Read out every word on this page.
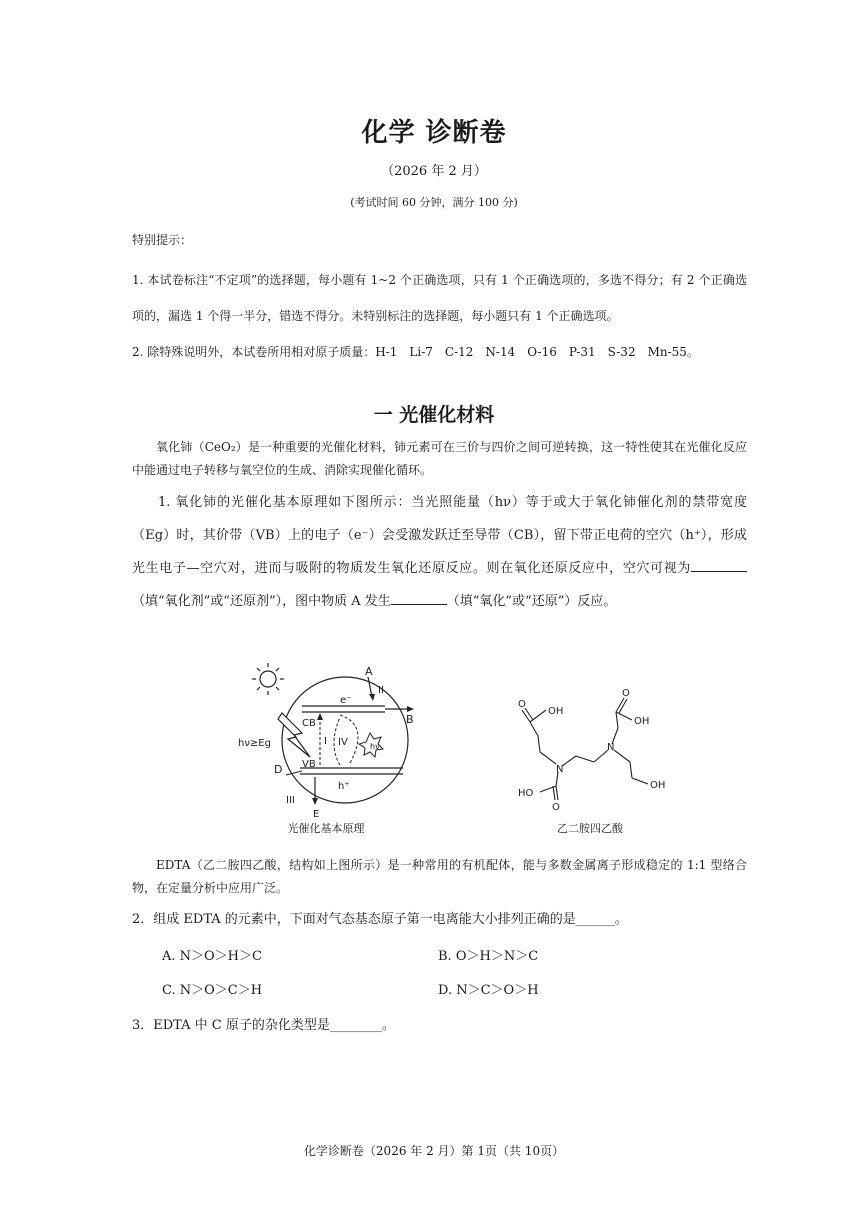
化学 诊断卷
（2026 年 2 月）
(考试时间 60 分钟，满分 100 分)
特别提示：

1. 本试卷标注“不定项”的选择题，每小题有 1~2 个正确选项，只有 1 个正确选项的，多选不得分；有 2 个正确选项的，漏选 1 个得一半分，错选不得分。未特别标注的选择题，每小题只有 1 个正确选项。

2. 除特殊说明外，本试卷所用相对原子质量：H-1　Li-7　C-12　N-14　O-16　P-31　S-32　Mn-55。

一 光催化材料

氧化铈（CeO₂）是一种重要的光催化材料，铈元素可在三价与四价之间可逆转换，这一特性使其在光催化反应中能通过电子转移与氧空位的生成、消除实现催化循环。

1. 氧化铈的光催化基本原理如下图所示：当光照能量（hν）等于或大于氧化铈催化剂的禁带宽度（Eg）时，其价带（VB）上的电子（e⁻）会受激发跃迁至导带（CB），留下带正电荷的空穴（h⁺），形成光生电子—空穴对，进而与吸附的物质发生氧化还原反应。则在氧化还原反应中，空穴可视为（填“氧化剂”或“还原剂”），图中物质 A 发生	（填“氧化”或“还原”）反应。

A
II
B
e⁻
CB
I IV	hν
hν≥Eg
VB
D
h⁺
III
E
光催化基本原理
O
OH
N
N
O
OH
OH
HO
O
乙二胺四乙酸

EDTA（乙二胺四乙酸，结构如上图所示）是一种常用的有机配体，能与多数金属离子形成稳定的 1:1 型络合物，在定量分析中应用广泛。

2．组成 EDTA 的元素中，下面对气态基态原子第一电离能大小排列正确的是______。
A. N＞O＞H＞C	B. O＞H＞N＞C
C. N＞O＞C＞H	D. N＞C＞O＞H
3．EDTA 中 C 原子的杂化类型是________。
化学诊断卷（2026 年 2 月）第 1页（共 10页）
